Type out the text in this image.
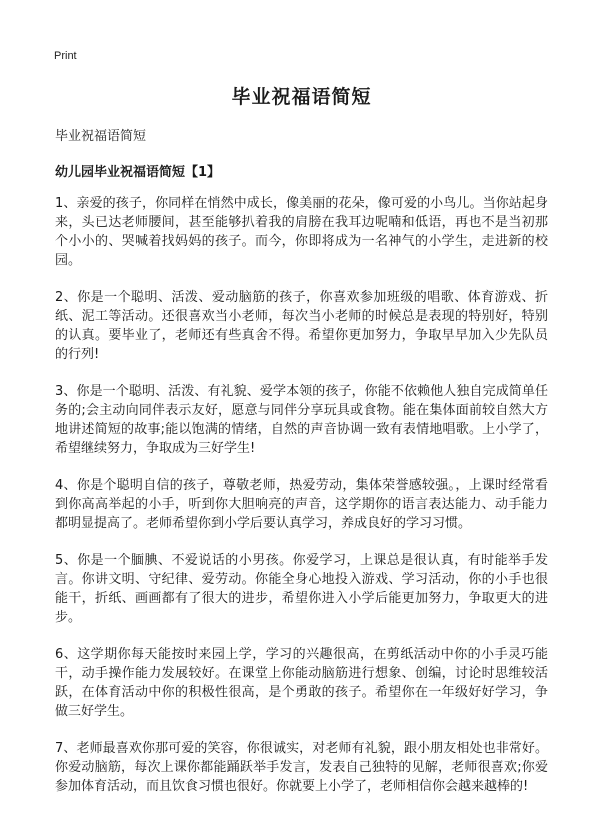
Print
毕业祝福语简短
毕业祝福语简短
幼儿园毕业祝福语简短【1】

1、亲爱的孩子，你同样在悄然中成长，像美丽的花朵，像可爱的小鸟儿。当你站起身来，头已达老师腰间，甚至能够扒着我的肩膀在我耳边呢喃和低语，再也不是当初那个小小的、哭喊着找妈妈的孩子。而今，你即将成为一名神气的小学生，走进新的校园。

2、你是一个聪明、活泼、爱动脑筋的孩子，你喜欢参加班级的唱歌、体育游戏、折纸、泥工等活动。还很喜欢当小老师，每次当小老师的时候总是表现的特别好，特别的认真。要毕业了，老师还有些真舍不得。希望你更加努力，争取早早加入少先队员的行列!

3、你是一个聪明、活泼、有礼貌、爱学本领的孩子，你能不依赖他人独自完成简单任务的;会主动向同伴表示友好，愿意与同伴分享玩具或食物。能在集体面前较自然大方地讲述简短的故事;能以饱满的情绪，自然的声音协调一致有表情地唱歌。上小学了，希望继续努力，争取成为三好学生!

4、你是个聪明自信的孩子，尊敬老师，热爱劳动，集体荣誉感较强。，上课时经常看到你高高举起的小手，听到你大胆响亮的声音，这学期你的语言表达能力、动手能力都明显提高了。老师希望你到小学后要认真学习，养成良好的学习习惯。

5、你是一个腼腆、不爱说话的小男孩。你爱学习，上课总是很认真，有时能举手发言。你讲文明、守纪律、爱劳动。你能全身心地投入游戏、学习活动，你的小手也很能干，折纸、画画都有了很大的进步，希望你进入小学后能更加努力，争取更大的进步。

6、这学期你每天能按时来园上学，学习的兴趣很高，在剪纸活动中你的小手灵巧能干，动手操作能力发展较好。在课堂上你能动脑筋进行想象、创编，讨论时思维较活跃，在体育活动中你的积极性很高，是个勇敢的孩子。希望你在一年级好好学习，争做三好学生。

7、老师最喜欢你那可爱的笑容，你很诚实，对老师有礼貌，跟小朋友相处也非常好。你爱动脑筋，每次上课你都能踊跃举手发言，发表自己独特的见解，老师很喜欢;你爱参加体育活动，而且饮食习惯也很好。你就要上小学了，老师相信你会越来越棒的!
